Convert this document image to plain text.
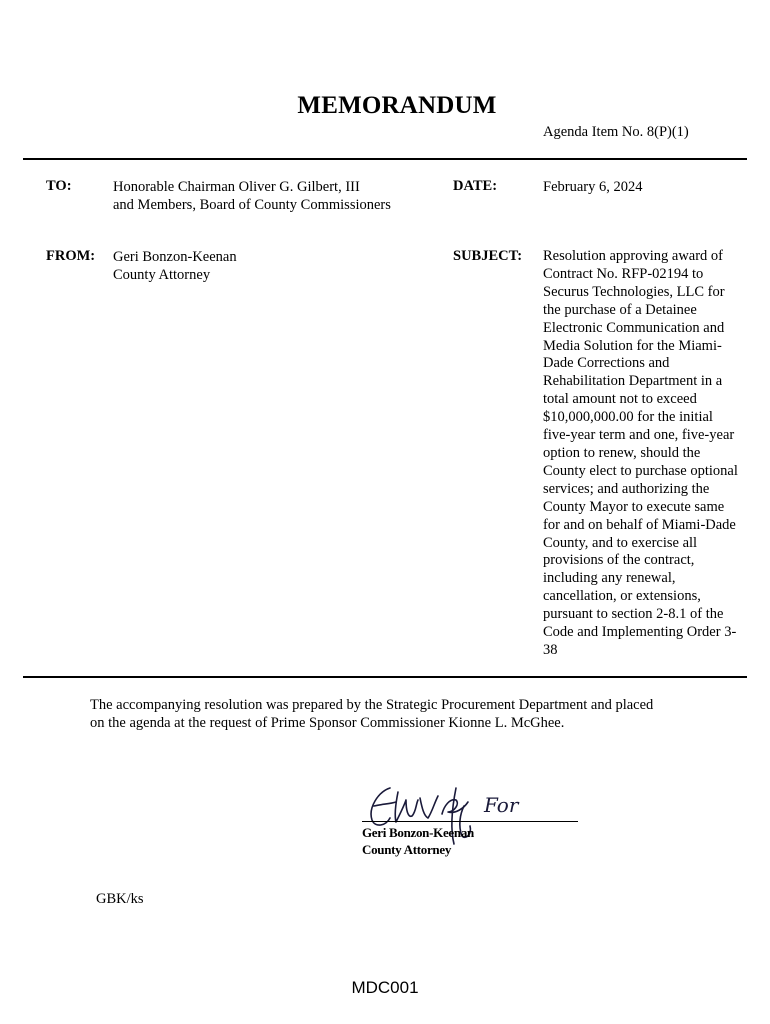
MEMORANDUM
Agenda Item No. 8(P)(1)
TO:	Honorable Chairman Oliver G. Gilbert, III
and Members, Board of County Commissioners
DATE:	February 6, 2024
FROM: Geri Bonzon-Keenan
County Attorney
SUBJECT: Resolution approving award of
Contract No. RFP-02194 to
Securus Technologies, LLC for
the purchase of a Detainee
Electronic Communication and
Media Solution for the Miami-
Dade Corrections and
Rehabilitation Department in a
total amount not to exceed
$10,000,000.00 for the initial
five-year term and one, five-year
option to renew, should the
County elect to purchase optional
services; and authorizing the
County Mayor to execute same
for and on behalf of Miami-Dade
County, and to exercise all
provisions of the contract,
including any renewal,
cancellation, or extensions,
pursuant to section 2-8.1 of the
Code and Implementing Order 3-
38
The accompanying resolution was prepared by the Strategic Procurement Department and placed
on the agenda at the request of Prime Sponsor Commissioner Kionne L. McGhee.
For
Geri Bonzon-Keenan
County Attorney
GBK/ks
MDC001
